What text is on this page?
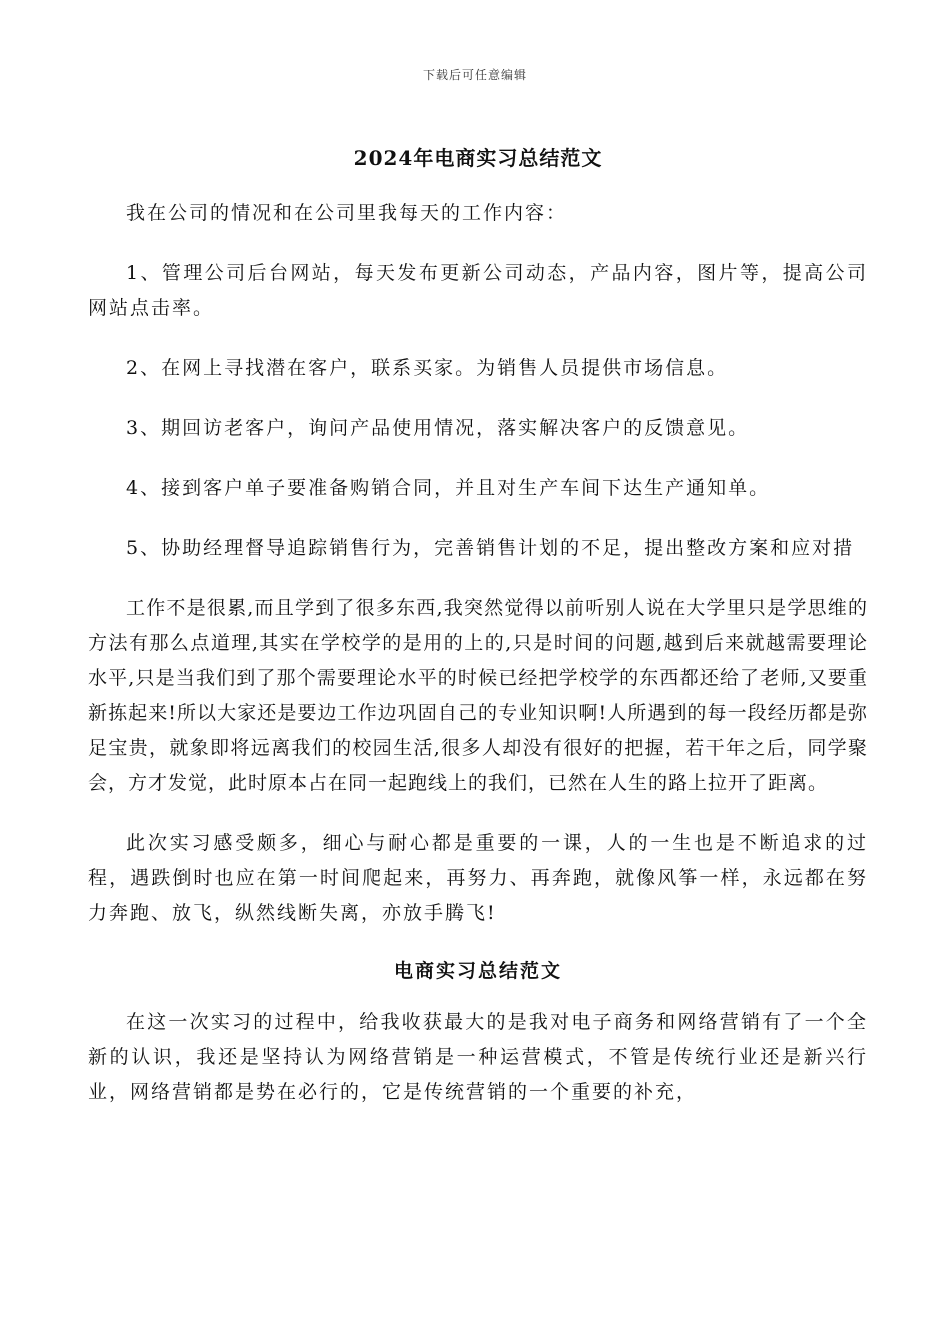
下载后可任意编辑
2024年电商实习总结范文

我在公司的情况和在公司里我每天的工作内容：

1、管理公司后台网站，每天发布更新公司动态，产品内容，图片等，提高公司网站点击率。

2、在网上寻找潜在客户，联系买家。为销售人员提供市场信息。

3、期回访老客户，询问产品使用情况，落实解决客户的反馈意见。

4、接到客户单子要准备购销合同，并且对生产车间下达生产通知单。

5、协助经理督导追踪销售行为，完善销售计划的不足，提出整改方案和应对措

工作不是很累,而且学到了很多东西,我突然觉得以前听别人说在大学里只是学思维的方法有那么点道理,其实在学校学的是用的上的,只是时间的问题,越到后来就越需要理论水平,只是当我们到了那个需要理论水平的时候已经把学校学的东西都还给了老师,又要重新拣起来!所以大家还是要边工作边巩固自己的专业知识啊!人所遇到的每一段经历都是弥足宝贵，就象即将远离我们的校园生活,很多人却没有很好的把握，若干年之后，同学聚会，方才发觉，此时原本占在同一起跑线上的我们，已然在人生的路上拉开了距离。

此次实习感受颇多，细心与耐心都是重要的一课，人的一生也是不断追求的过程，遇跌倒时也应在第一时间爬起来，再努力、再奔跑，就像风筝一样，永远都在努力奔跑、放飞，纵然线断失离，亦放手腾飞!

电商实习总结范文

在这一次实习的过程中，给我收获最大的是我对电子商务和网络营销有了一个全新的认识，我还是坚持认为网络营销是一种运营模式，不管是传统行业还是新兴行业，网络营销都是势在必行的，它是传统营销的一个重要的补充，
